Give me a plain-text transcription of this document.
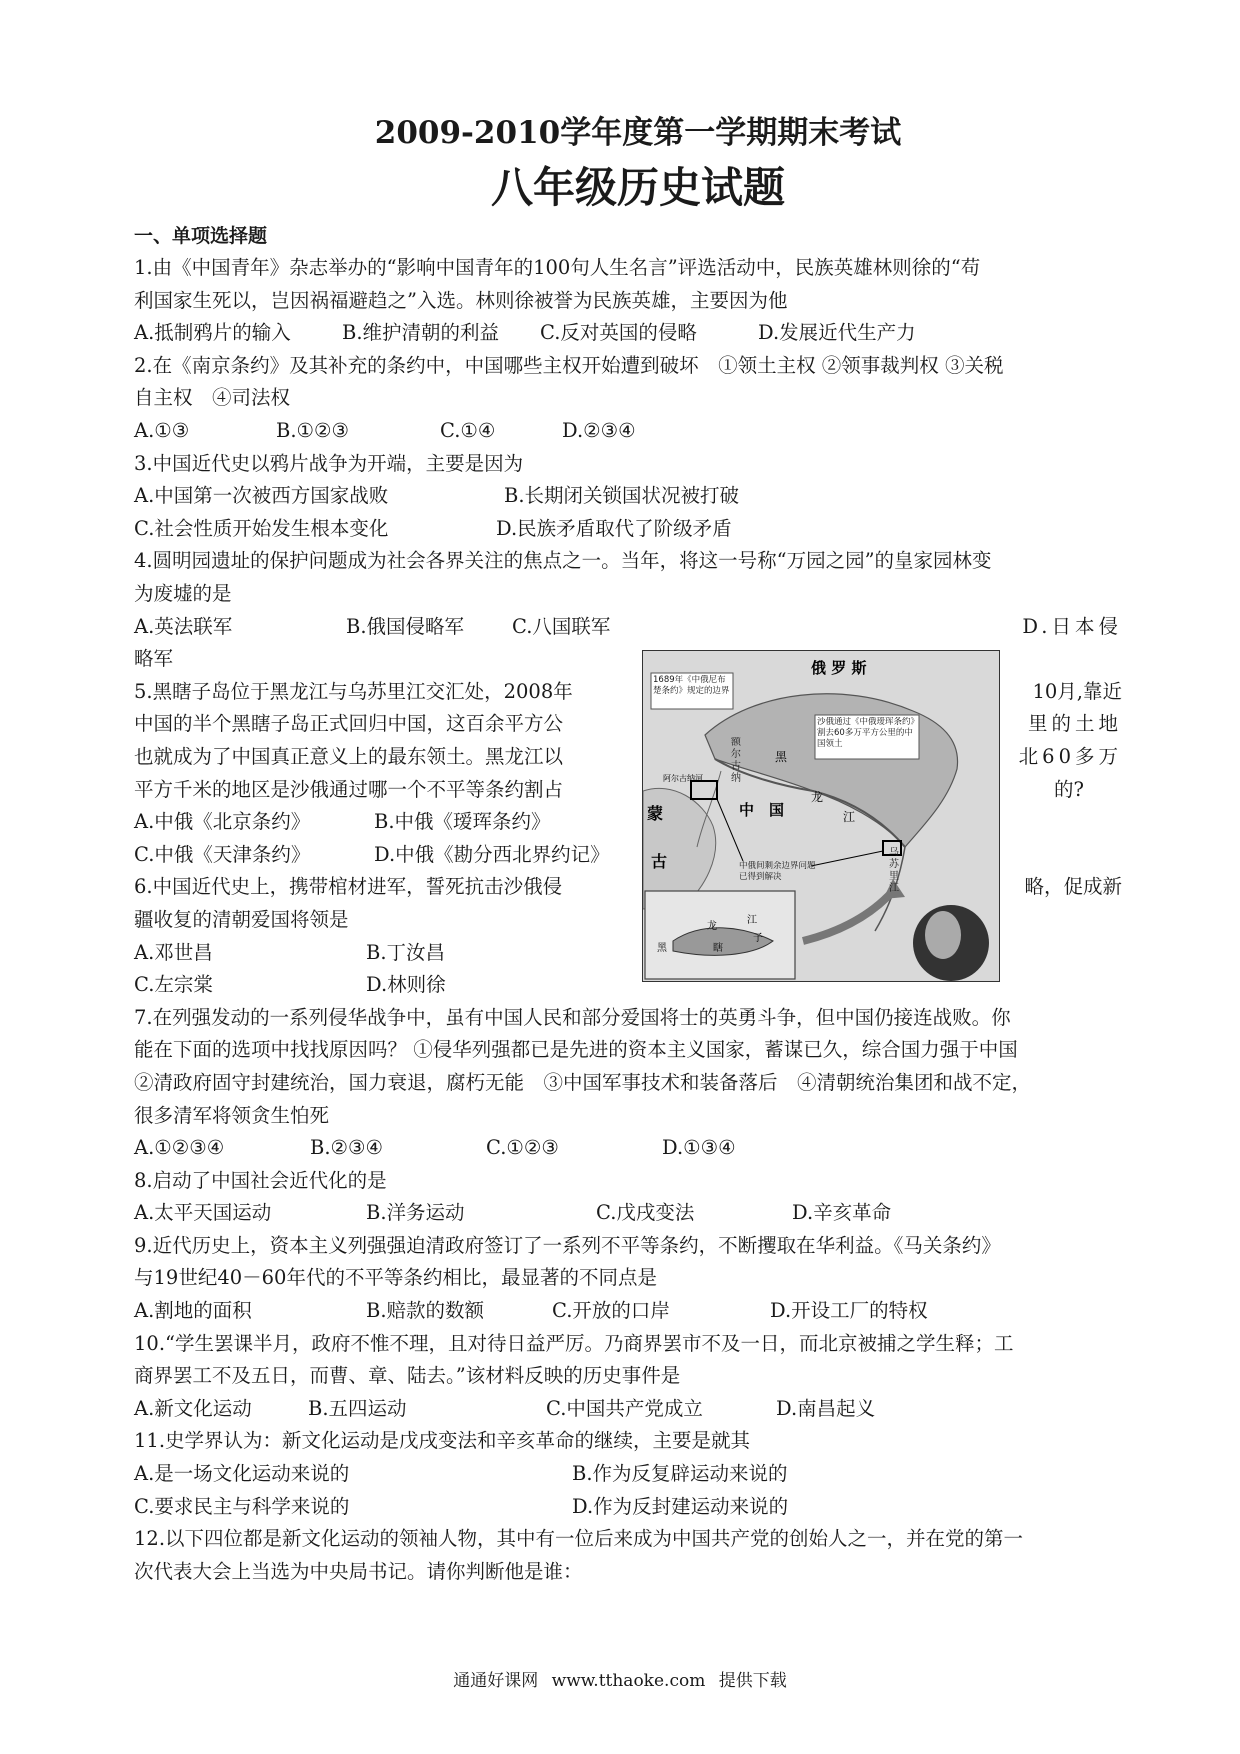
2009-2010学年度第一学期期末考试
八年级历史试题
一、单项选择题
1.由《中国青年》杂志举办的“影响中国青年的100句人生名言”评选活动中，民族英雄林则徐的“苟
利国家生死以，岂因祸福避趋之”入选。林则徐被誉为民族英雄，主要因为他
A.抵制鸦片的输入	B.维护清朝的利益	C.反对英国的侵略	D.发展近代生产力
2.在《南京条约》及其补充的条约中，中国哪些主权开始遭到破坏　①领土主权 ②领事裁判权 ③关税
自主权　④司法权
A.①③	B.①②③	C.①④	D.②③④
3.中国近代史以鸦片战争为开端，主要是因为
A.中国第一次被西方国家战败	B.长期闭关锁国状况被打破
C.社会性质开始发生根本变化	D.民族矛盾取代了阶级矛盾
4.圆明园遗址的保护问题成为社会各界关注的焦点之一。当年，将这一号称“万园之园”的皇家园林变
为废墟的是
A.英法联军	B.俄国侵略军 C.八国联军	D.日本侵
略军
5.黑瞎子岛位于黑龙江与乌苏里江交汇处，2008年	10月,靠近
中国的半个黑瞎子岛正式回归中国，这百余平方公	里的土地
也就成为了中国真正意义上的最东领土。黑龙江以	北60多万
平方千米的地区是沙俄通过哪一个不平等条约割占	的?
A.中俄《北京条约》	B.中俄《瑷珲条约》
C.中俄《天津条约》	D.中俄《勘分西北界约记》
6.中国近代史上，携带棺材进军，誓死抗击沙俄侵	略，促成新
疆收复的清朝爱国将领是
A.邓世昌	B.丁汝昌
C.左宗棠	D.林则徐
7.在列强发动的一系列侵华战争中，虽有中国人民和部分爱国将士的英勇斗争，但中国仍接连战败。你
能在下面的选项中找找原因吗？ ①侵华列强都已是先进的资本主义国家，蓄谋已久，综合国力强于中国
②清政府固守封建统治，国力衰退，腐朽无能　③中国军事技术和装备落后　④清朝统治集团和战不定，
很多清军将领贪生怕死
A.①②③④	B.②③④	C.①②③	D.①③④
8.启动了中国社会近代化的是
A.太平天国运动	B.洋务运动	C.戊戌变法	D.辛亥革命
9.近代历史上，资本主义列强强迫清政府签订了一系列不平等条约，不断攫取在华利益。《马关条约》
与19世纪40－60年代的不平等条约相比，最显著的不同点是
A.割地的面积	B.赔款的数额	C.开放的口岸	D.开设工厂的特权
10.“学生罢课半月，政府不惟不理，且对待日益严厉。乃商界罢市不及一日，而北京被捕之学生释；工
商界罢工不及五日，而曹、章、陆去。”该材料反映的历史事件是
A.新文化运动	B.五四运动	C.中国共产党成立	D.南昌起义
11.史学界认为：新文化运动是戊戌变法和辛亥革命的继续，主要是就其
A.是一场文化运动来说的	B.作为反复辟运动来说的
C.要求民主与科学来说的	D.作为反封建运动来说的
12.以下四位都是新文化运动的领袖人物，其中有一位后来成为中国共产党的创始人之一，并在党的第一
次代表大会上当选为中央局书记。请你判断他是谁：
俄 罗 斯
1689年《中俄尼布楚条约》规定的边界
沙俄通过《中俄瑷珲条约》割去60多万平方公里的中国领土
阿尔古纳河
额尔古纳
黑
龙
江
中　国
蒙
古	乌苏里江
中俄间剩余边界问题已得到解决
黑
龙
江
瞎
子
通通好课网 www.tthaoke.com 提供下载
